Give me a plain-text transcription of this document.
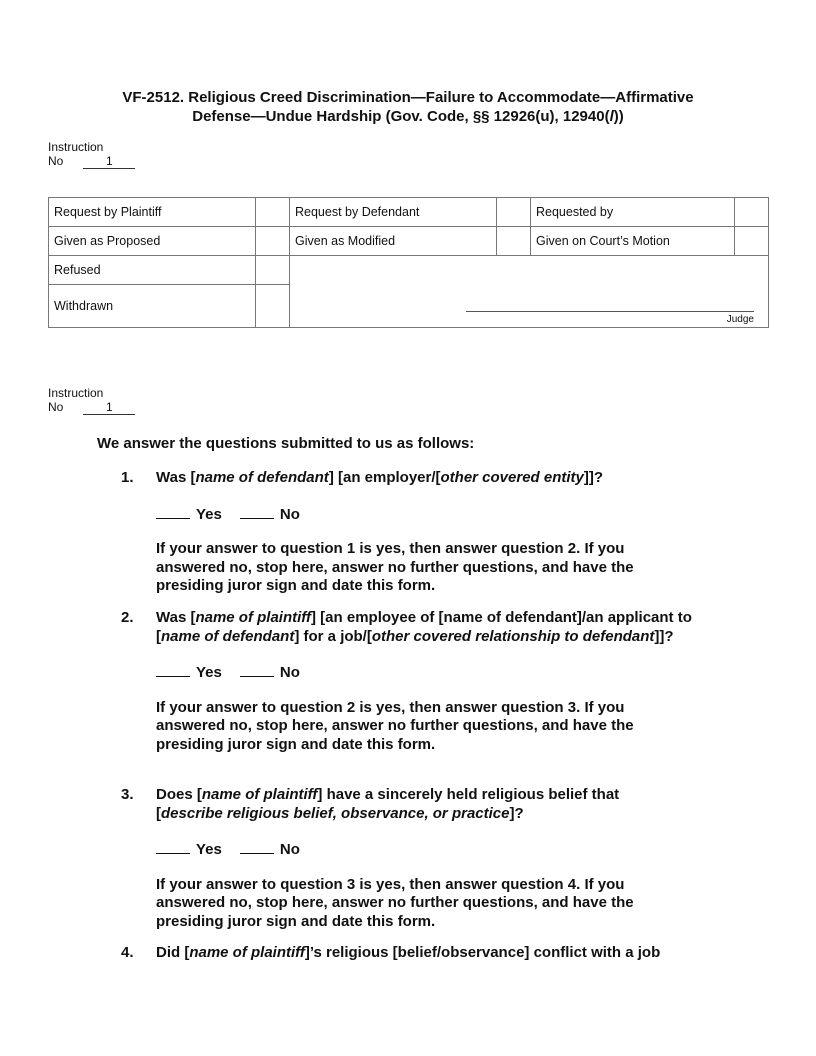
VF-2512. Religious Creed Discrimination—Failure to Accommodate—Affirmative
Defense—Undue Hardship (Gov. Code, §§ 12926(u), 12940(l))
Instruction
No	1
Request by Plaintiff		Request by Defendant		Requested by	
Given as Proposed		Given as Modified		Given on Court’s Motion	
Refused		Judge			

Withdrawn					
Instruction
No	1
We answer the questions submitted to us as follows:
1. Was [name of defendant] [an employer/[other covered entity]]?
Yes	No
If your answer to question 1 is yes, then answer question 2. If you answered no, stop here, answer no further questions, and have the presiding juror sign and date this form.
2. Was [name of plaintiff] [an employee of [name of defendant]/an applicant to [name of defendant] for a job/[other covered relationship to defendant]]?
Yes	No
If your answer to question 2 is yes, then answer question 3. If you answered no, stop here, answer no further questions, and have the presiding juror sign and date this form.
3. Does [name of plaintiff] have a sincerely held religious belief that [describe religious belief, observance, or practice]?
Yes	No
If your answer to question 3 is yes, then answer question 4. If you answered no, stop here, answer no further questions, and have the presiding juror sign and date this form.
4. Did [name of plaintiff]’s religious [belief/observance] conflict with a job
